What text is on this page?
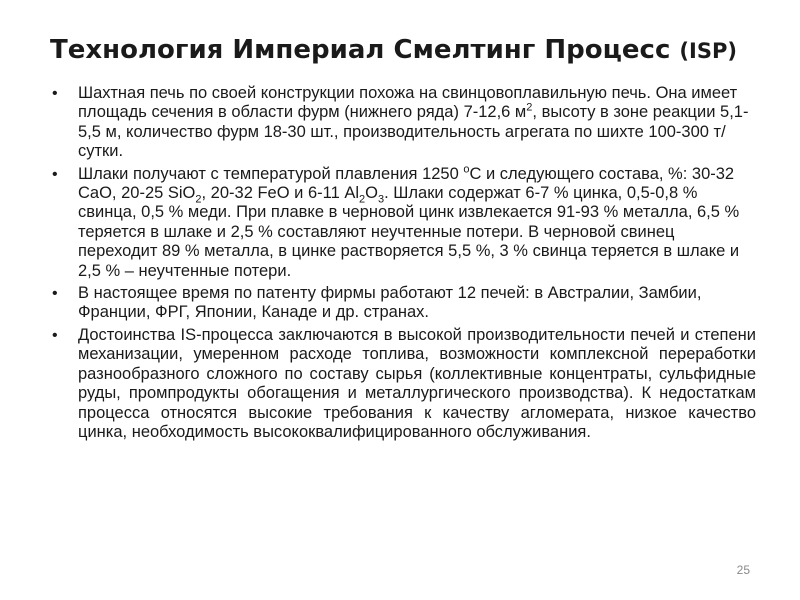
Технология Империал Смелтинг Процесс (ISP)
• Шахтная печь по своей конструкции похожа на свинцовоплавильную печь. Она имеет площадь сечения в области фурм (нижнего ряда) 7-12,6 $м^2$, высоту в зоне реакции 5,1-5,5 м, количество фурм 18-30 шт., производительность агрегата по шихте 100-300 т/сутки.
• Шлаки получают с температурой плавления 1250 $^о$С и следующего состава, %: 30-32 CaO, 20-25 SiO$_2$, 20-32 FeO и 6-11 $Al_2O_3$. Шлаки содержат 6-7 % цинка, 0,5-0,8 % свинца, 0,5 % меди. При плавке в черновой цинк извлекается 91-93 % металла, 6,5 % теряется в шлаке и 2,5 % составляют неучтенные потери. В черновой свинец переходит 89 % металла, в цинке растворяется 5,5 %, 3 % свинца теряется в шлаке и 2,5 % – неучтенные потери.
• В настоящее время по патенту фирмы работают 12 печей: в Австралии, Замбии, Франции, ФРГ, Японии, Канаде и др. странах.
• Достоинства IS-процесса заключаются в высокой производительности печей и степени механизации, умеренном расходе топлива, возможности комплексной переработки разнообразного сложного по составу сырья (коллективные концентраты, сульфидные руды, промпродукты обогащения и металлургического производства). К недостаткам процесса относятся высокие требования к качеству агломерата, низкое качество цинка, необходимость высококвалифицированного обслуживания.
25
